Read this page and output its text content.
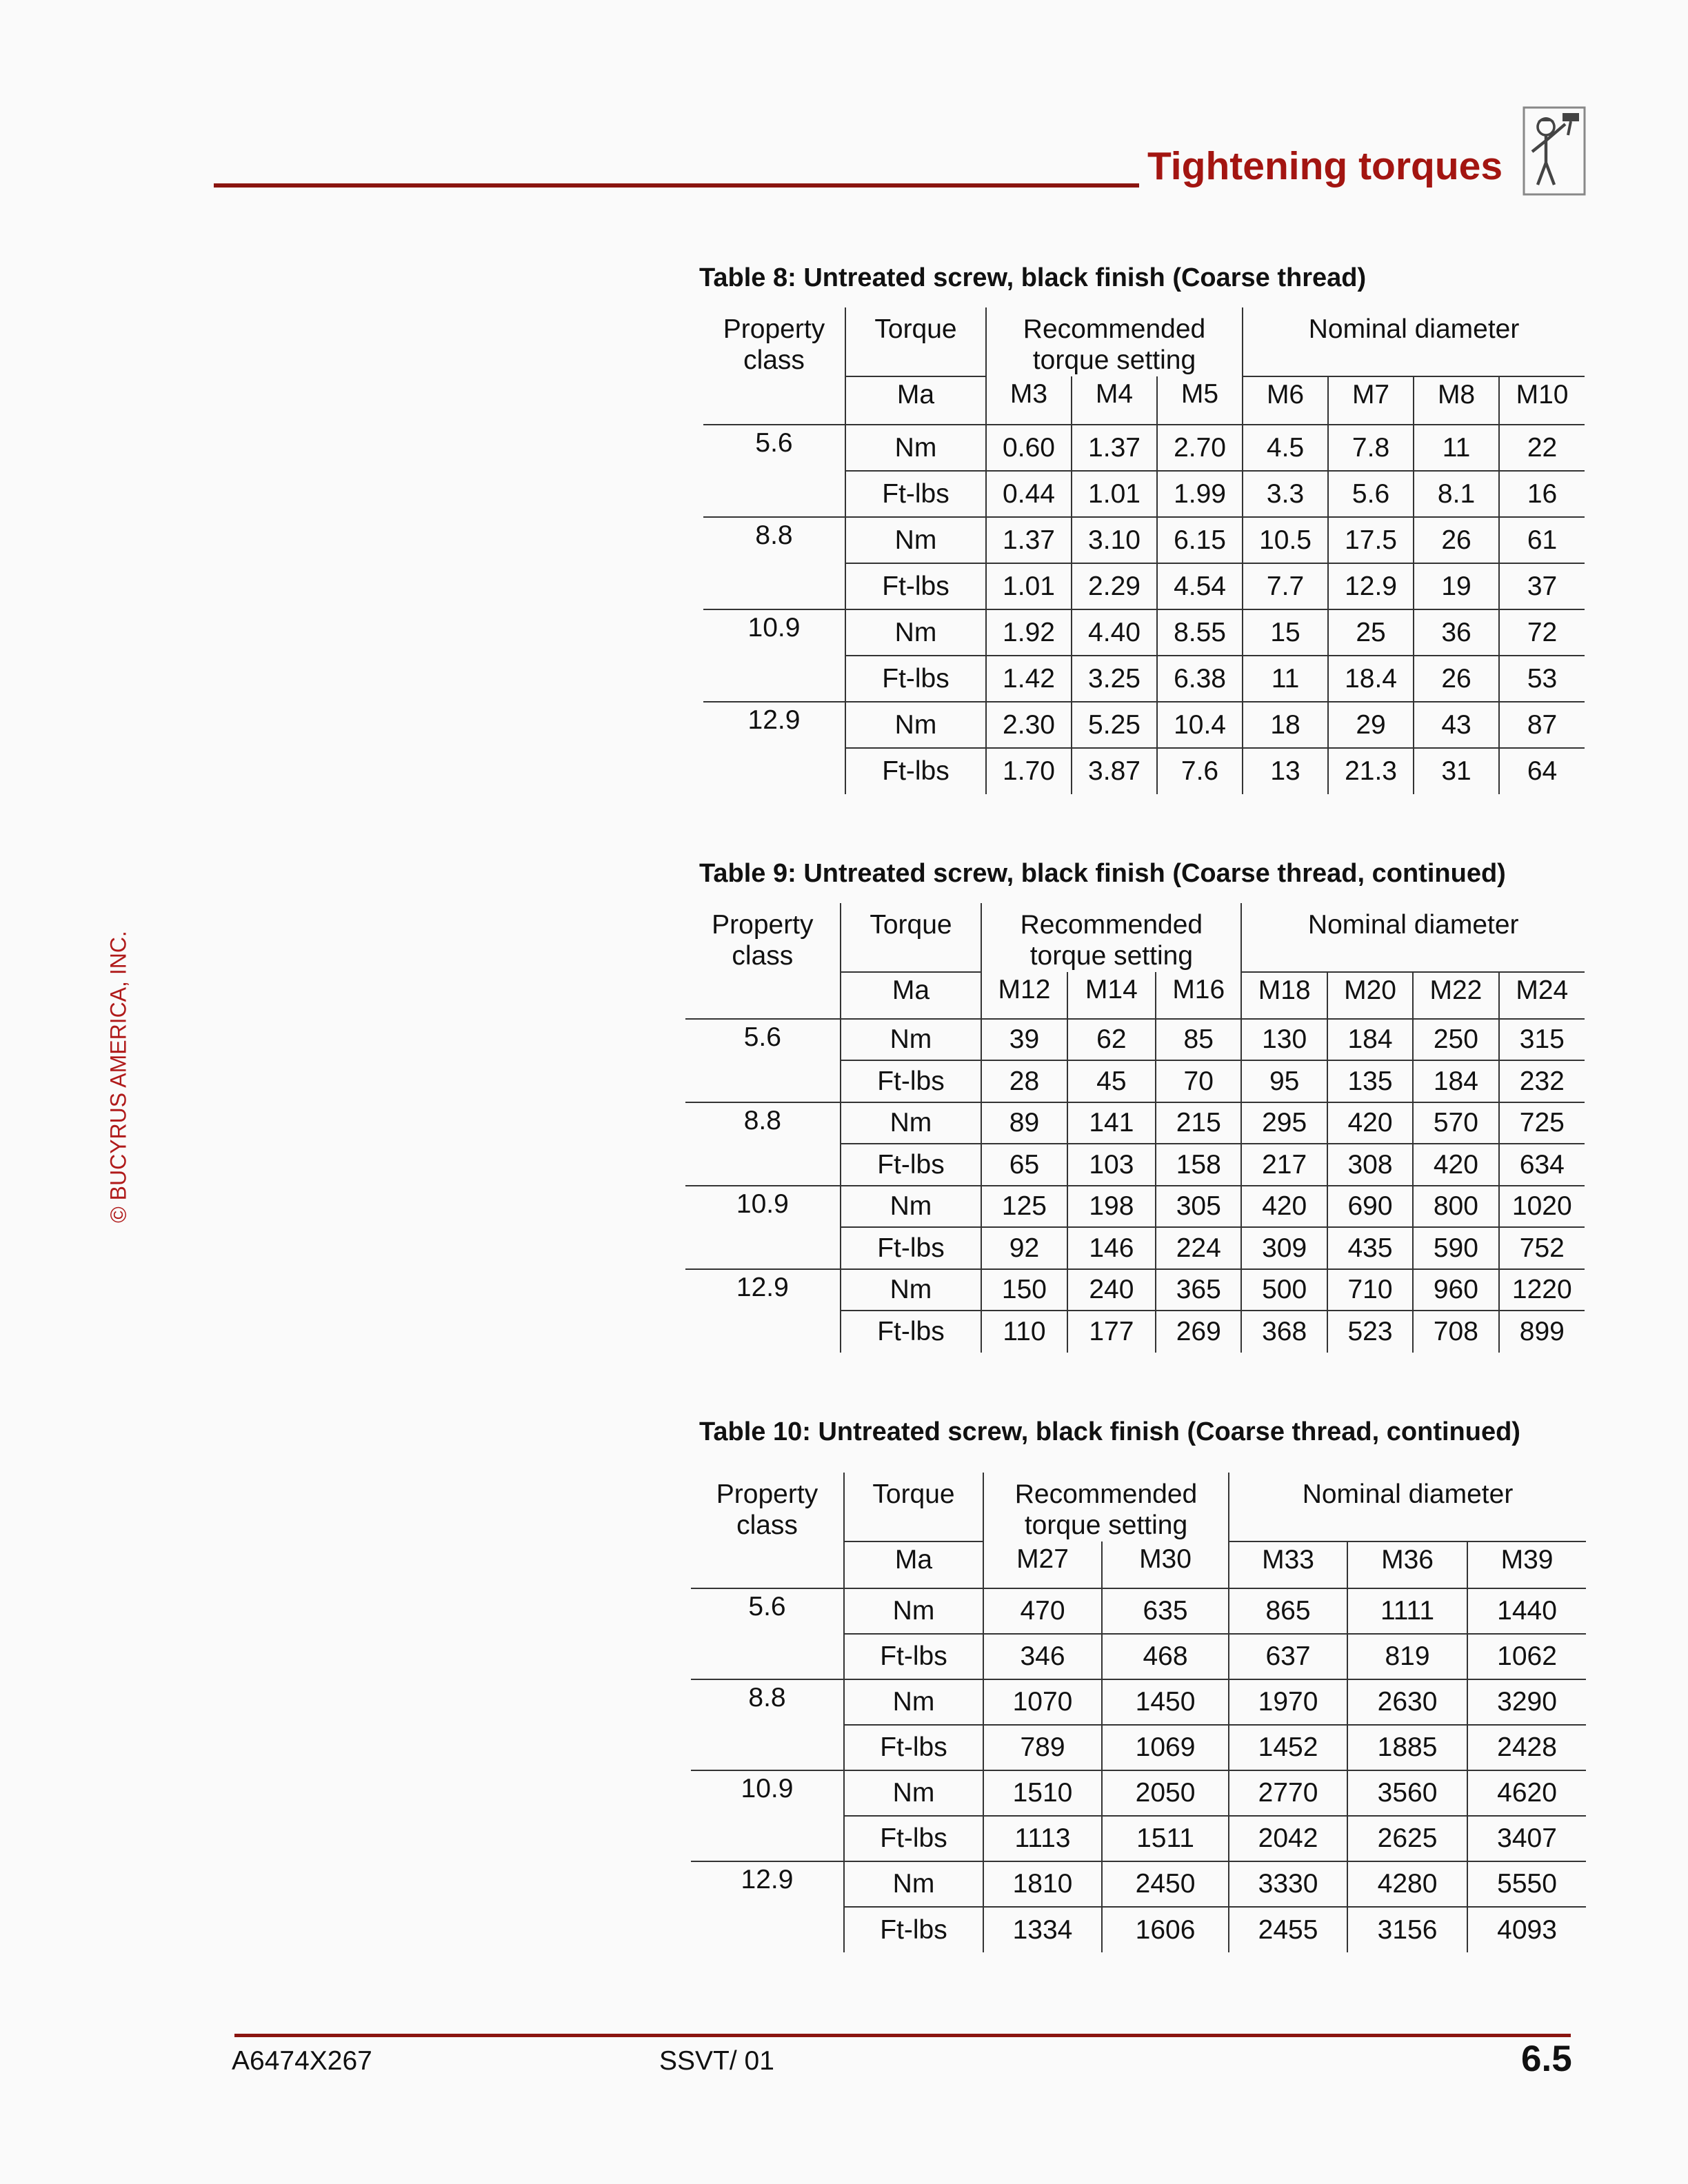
Tightening torques
© BUCYRUS AMERICA, INC.
Table 8: Untreated screw, black finish (Coarse thread)
Property class	Torque	Recommended torque setting			Nominal diameter			
	Ma	M3	M4	M5	M6	M7	M8	M10
5.6	Nm	0.60	1.37	2.70	4.5	7.8	11	22
	Ft-lbs	0.44	1.01	1.99	3.3	5.6	8.1	16
8.8	Nm	1.37	3.10	6.15	10.5	17.5	26	61
	Ft-lbs	1.01	2.29	4.54	7.7	12.9	19	37
10.9	Nm	1.92	4.40	8.55	15	25	36	72
	Ft-lbs	1.42	3.25	6.38	11	18.4	26	53
12.9	Nm	2.30	5.25	10.4	18	29	43	87
	Ft-lbs	1.70	3.87	7.6	13	21.3	31	64
Table 9: Untreated screw, black finish (Coarse thread, continued)
Property class	Torque	Recommended torque setting			Nominal diameter			
	Ma	M12	M14	M16	M18	M20	M22	M24
5.6	Nm	39	62	85	130	184	250	315
	Ft-lbs	28	45	70	95	135	184	232
8.8	Nm	89	141	215	295	420	570	725
	Ft-lbs	65	103	158	217	308	420	634
10.9	Nm	125	198	305	420	690	800	1020
	Ft-lbs	92	146	224	309	435	590	752
12.9	Nm	150	240	365	500	710	960	1220
	Ft-lbs	110	177	269	368	523	708	899
Table 10: Untreated screw, black finish (Coarse thread, continued)
Property class	Torque	Recommended torque setting		Nominal diameter		
	Ma	M27	M30	M33	M36	M39
5.6	Nm	470	635	865	1111	1440
	Ft-lbs	346	468	637	819	1062
8.8	Nm	1070	1450	1970	2630	3290
	Ft-lbs	789	1069	1452	1885	2428
10.9	Nm	1510	2050	2770	3560	4620
	Ft-lbs	1113	1511	2042	2625	3407
12.9	Nm	1810	2450	3330	4280	5550
	Ft-lbs	1334	1606	2455	3156	4093
A6474X267	SSVT/ 01	6.5
